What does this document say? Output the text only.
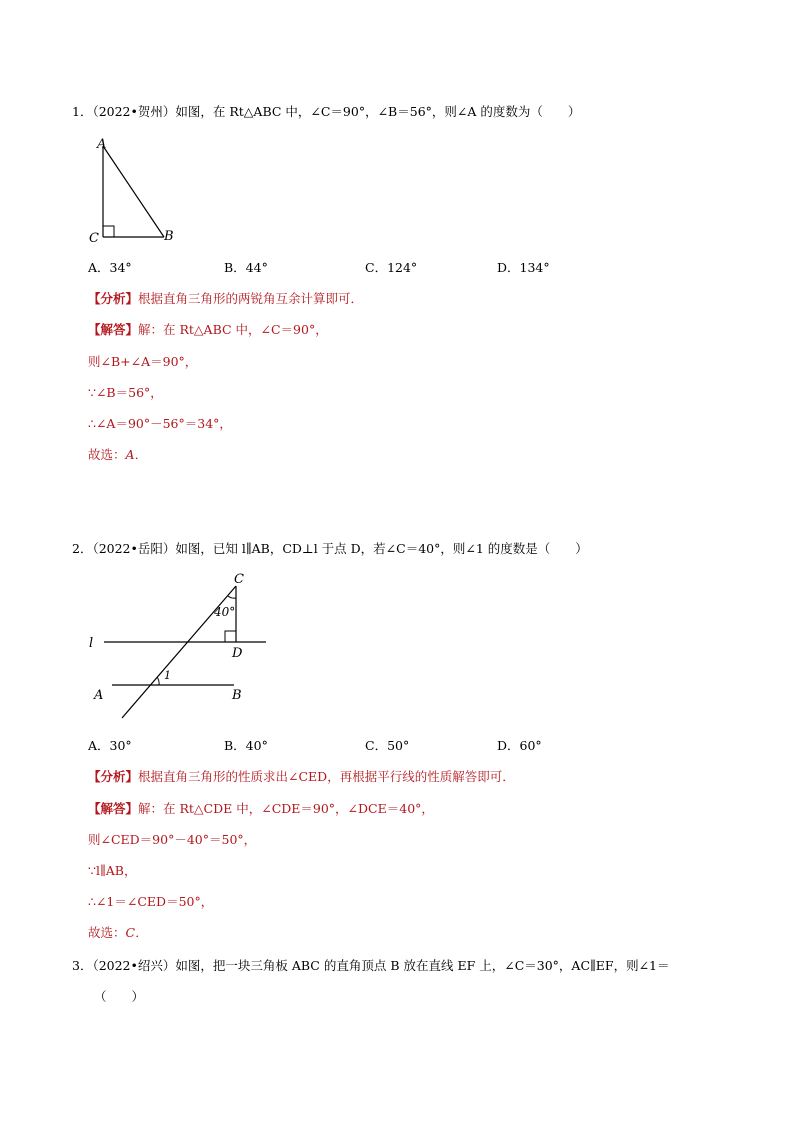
1．（2022•贺州）如图，在 Rt△ABC 中，∠C＝90°，∠B＝56°，则∠A 的度数为（　　）
A
C	B
A．34°	B．44°	C．124°	D．134°
【分析】根据直角三角形的两锐角互余计算即可．
【解答】解：在 Rt△ABC 中，∠C＝90°，
则∠B+∠A＝90°，
∵∠B＝56°，
∴∠A＝90°－56°＝34°，
故选：A．
2．（2022•岳阳）如图，已知 l∥AB，CD⊥l 于点 D，若∠C＝40°，则∠1 的度数是（　　）
C
40°
D
l
1
A	B
A．30°	B．40°	C．50°	D．60°
【分析】根据直角三角形的性质求出∠CED，再根据平行线的性质解答即可．
【解答】解：在 Rt△CDE 中，∠CDE＝90°，∠DCE＝40°，
则∠CED＝90°－40°＝50°，
∵l∥AB，
∴∠1＝∠CED＝50°，
故选：C．
3．（2022•绍兴）如图，把一块三角板 ABC 的直角顶点 B 放在直线 EF 上，∠C＝30°，AC∥EF，则∠1＝
（　　）
